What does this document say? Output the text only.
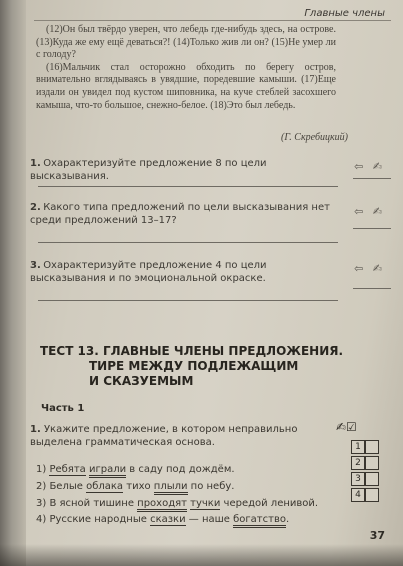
Главные члены

(12)Он был твёрдо уверен, что лебедь где-нибудь здесь, на острове. (13)Куда же ему ещё деваться?! (14)Только жив ли он? (15)Не умер ли с голоду?

(16)Мальчик стал осторожно обходить по берегу остров, внимательно вглядываясь в увядшие, поредевшие камыши. (17)Еще издали он увидел под кустом шиповника, на куче стеблей засохшего камыша, что-то большое, снежно-белое. (18)Это был лебедь.

(Г. Скребицкий)
1. Охарактеризуйте предложение 8 по цели высказывания.
⇦ ✍
2. Какого типа предложений по цели высказывания нет среди предложений 13–17?
⇦ ✍
3. Охарактеризуйте предложение 4 по цели высказывания и по эмоциональной окраске.
⇦ ✍
ТЕСТ 13. ГЛАВНЫЕ ЧЛЕНЫ ПРЕДЛОЖЕНИЯ.
ТИРЕ МЕЖДУ ПОДЛЕЖАЩИМ
И СКАЗУЕМЫМ
Часть 1
1. Укажите предложение, в котором неправильно выделена грамматическая основа.
1) Ребята играли в саду под дождём.
2) Белые облака тихо плыли по небу.
3) В ясной тишине проходят тучки чередой ленивой.
4) Русские народные сказки — наше богатство.
✍☑
1
2
3
4
37
